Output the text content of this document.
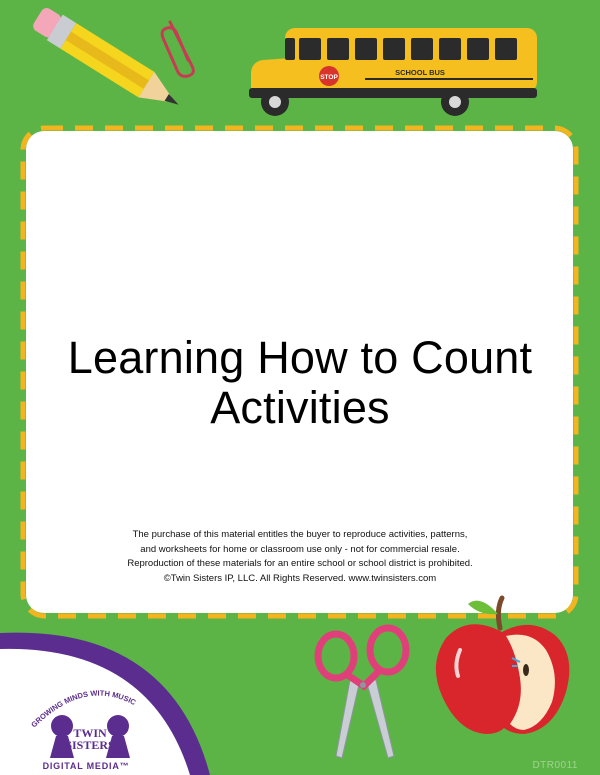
STOP
SCHOOL BUS
Learning How to Count
Activities
The purchase of this material entitles the buyer to reproduce activities, patterns,
and worksheets for home or classroom use only - not for commercial resale.
Reproduction of these materials for an entire school or school district is prohibited.
©Twin Sisters IP, LLC. All Rights Reserved. www.twinsisters.com
GROWING MINDS WITH MUSIC
TWIN
SISTERS
DIGITAL MEDIA™	DTR0011
